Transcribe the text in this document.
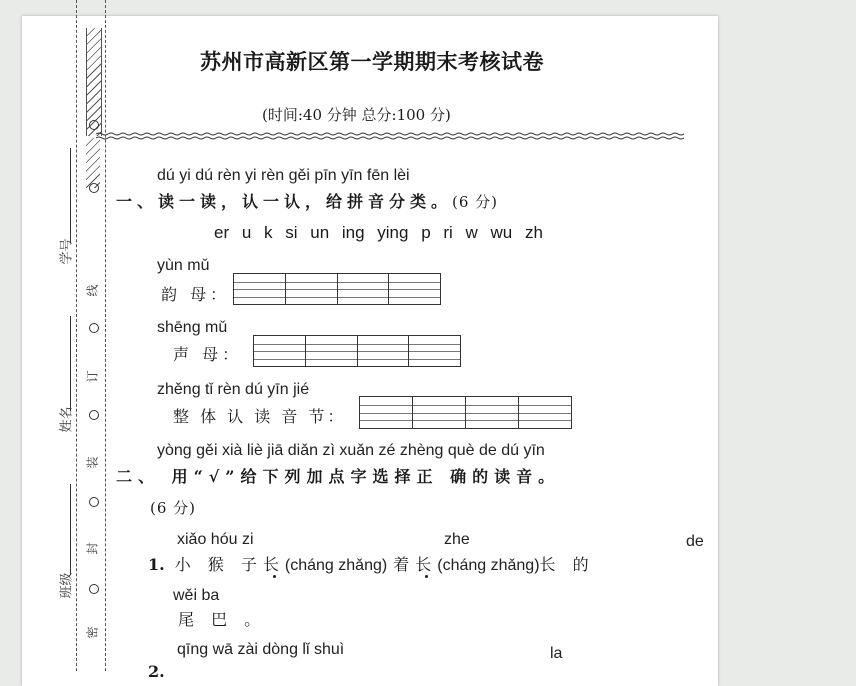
线
订
装
封
密
学号
姓名
班级
苏州市高新区第一学期期末考核试卷
(时间:40 分钟 总分:100 分)
dú yi dú rèn yi rèn gěi pīn yīn fēn lèi
一、读一读，认一认，给拼音分类。(6 分)
er u k si un ing ying p ri w wu zh
yùn mǔ
韵 母：
shēng mǔ
声 母：
zhěng tǐ rèn dú yīn jié
整 体 认 读 音 节：
yòng gěi xià liè jiā diǎn zì xuǎn zé zhèng què de dú yīn
二、 用“√”给下列加点字选择正 确的读音。
(6 分)
xiǎo hóu zi	zhe	de
1. 小 猴 子长(cháng zhǎng) 着长(cháng zhǎng)长 的
wěi ba
尾 巴 。
qīng wā zài dòng lǐ shuì	la
2.
